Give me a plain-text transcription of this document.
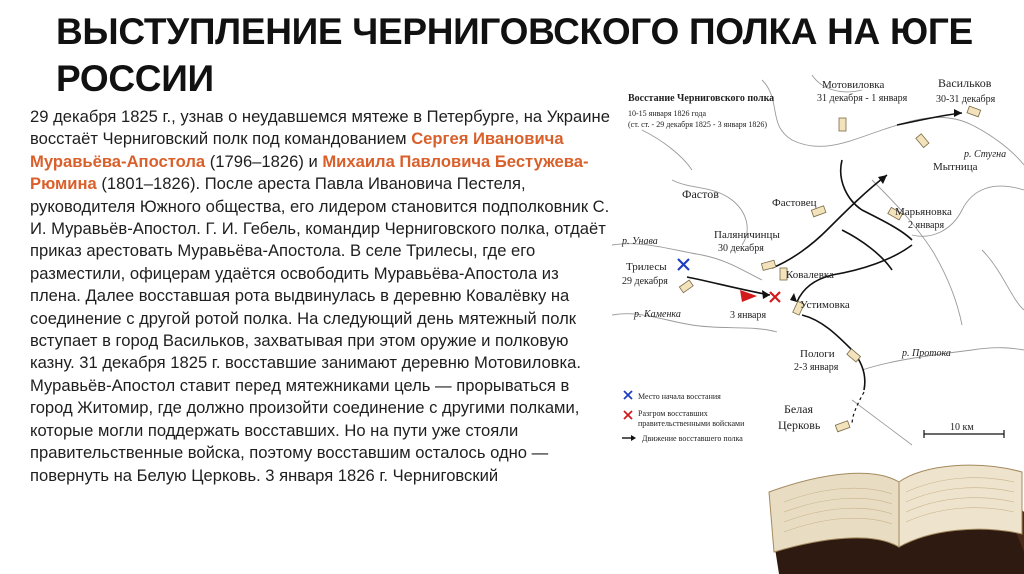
ВЫСТУПЛЕНИЕ ЧЕРНИГОВСКОГО ПОЛКА НА ЮГЕ РОССИИ
29 декабря 1825 г., узнав о неудавшемся мятеже в Петербурге, на Украине восстаёт Черниговский полк под командованием Сергея Ивановича Муравьёва-Апостола (1796–1826) и Михаила Павловича Бестужева-Рюмина (1801–1826). После ареста Павла Ивановича Пестеля, руководителя Южного общества, его лидером становится подполковник С. И. Муравьёв-Апостол. Г. И. Гебель, командир Черниговского полка, отдаёт приказ арестовать Муравьёва-Апостола. В селе Трилесы, где его разместили, офицерам удаётся освободить Муравьёва-Апостола из плена. Далее восставшая рота выдвинулась в деревню Ковалёвку на соединение с другой ротой полка. На следующий день мятежный полк вступает в город Васильков, захватывая при этом оружие и полковую казну. 31 декабря 1825 г. восставшие занимают деревню Мотовиловка. Муравьёв-Апостол ставит перед мятежниками цель — прорываться в город Житомир, где должно произойти соединение с другими полками, которые могли поддержать восставших. Но на пути уже стояли правительственные войска, поэтому восставшим осталось одно — повернуть на Белую Церковь. 3 января 1826 г. Черниговский
Восстание Черниговского полка
10-15 января 1826 года
(ст. ст. - 29 декабря 1825 - 3 января 1826)
Мотовиловка
31 декабря - 1 января
Васильков
30-31 декабря
р. Стугна
Мытница
Фастов
Фастовец
Марьяновка
2 января
р. Унава
Паляничинцы
30 декабря
Трилесы
29 декабря
Ковалевка
Устимовка
р. Каменка	3 января
Пологи
2-3 января
р. Протока
Место начала восстания
Разгром восставших
правительственными войсками
Движение восставшего полка
Белая
Церковь	10 км
